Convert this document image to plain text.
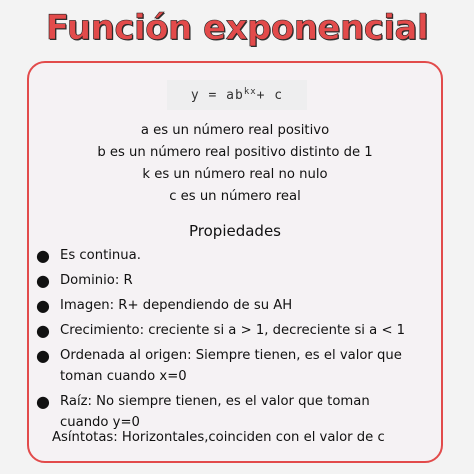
Función exponencial
$y = ab^{kx} + c$
a es un número real positivo
b es un número real positivo distinto de 1
k es un número real no nulo
c es un número real
Propiedades
● Es continua.
● Dominio: R
● Imagen: R+ dependiendo de su AH
● Crecimiento: creciente si a > 1, decreciente si a < 1
● Ordenada al origen: Siempre tienen, es el valor que
toman cuando x=0
● Raíz: No siempre tienen, es el valor que toman
cuando y=0
Asíntotas: Horizontales,coinciden con el valor de c
